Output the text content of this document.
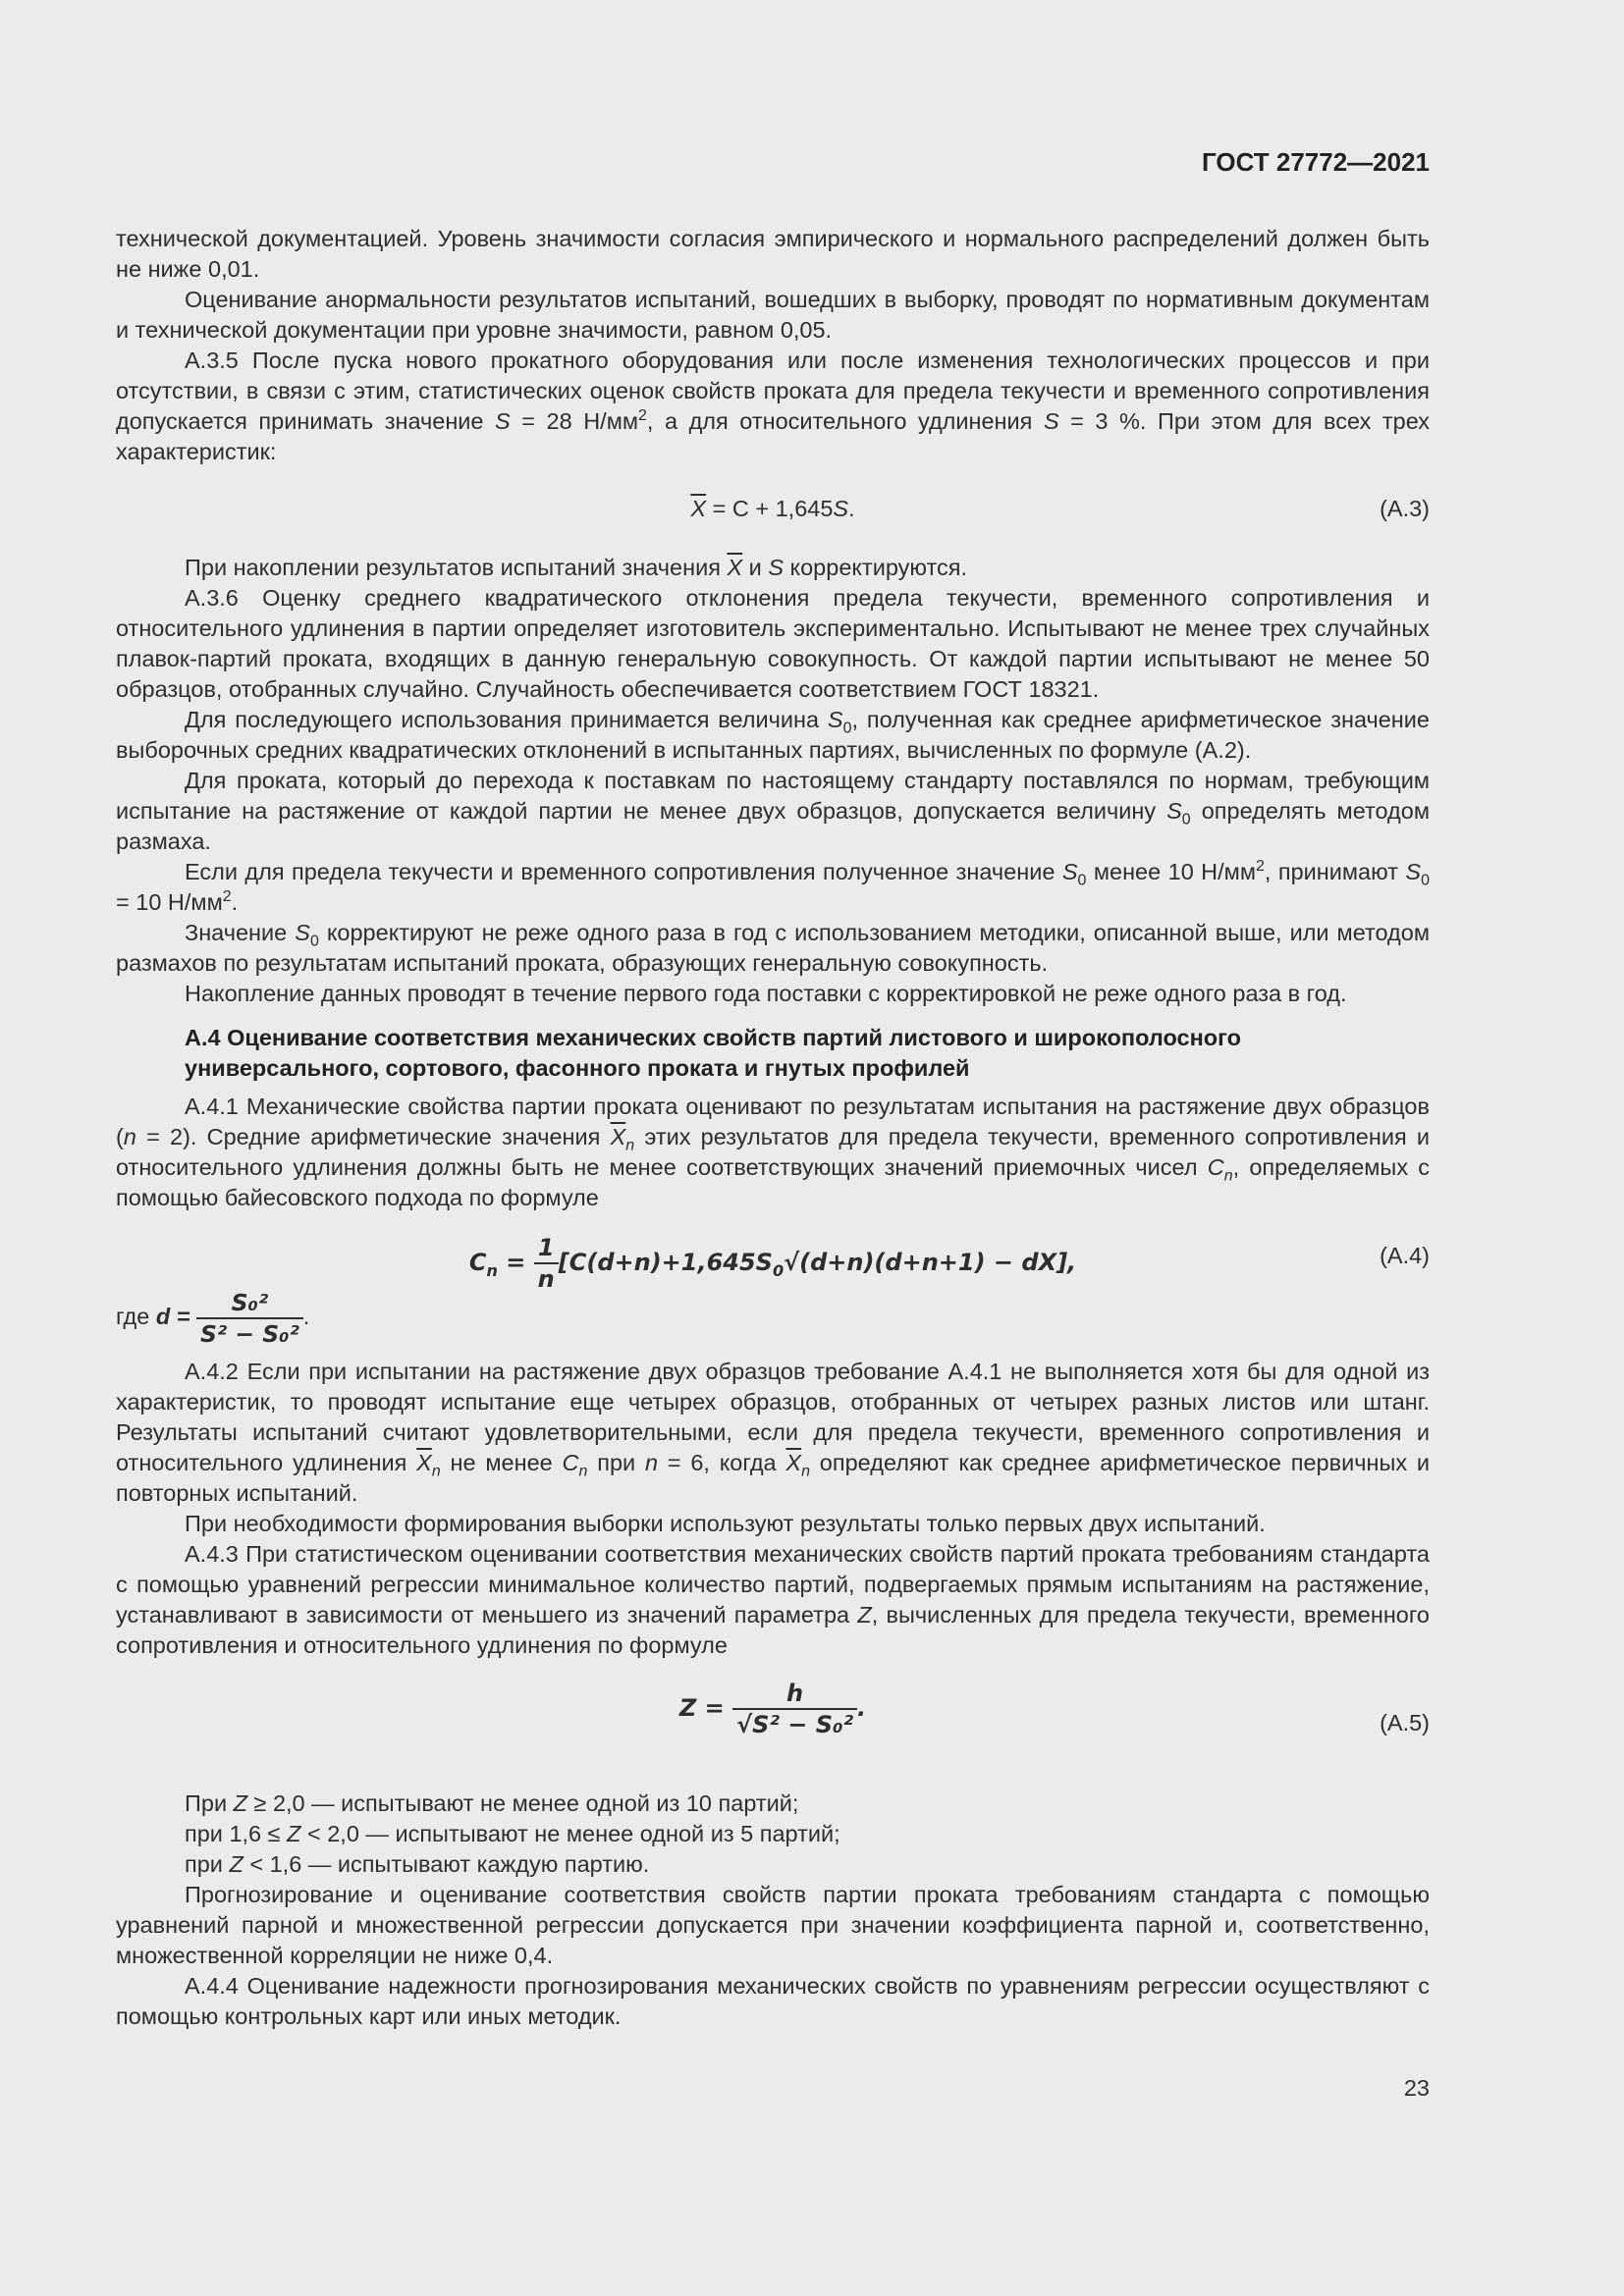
ГОСТ 27772—2021

технической документацией. Уровень значимости согласия эмпирического и нормального распределений должен быть не ниже 0,01.

Оценивание анормальности результатов испытаний, вошедших в выборку, проводят по нормативным документам и технической документации при уровне значимости, равном 0,05.

А.3.5 После пуска нового прокатного оборудования или после изменения технологических процессов и при отсутствии, в связи с этим, статистических оценок свойств проката для предела текучести и временного сопротивления допускается принимать значение S = 28 $Н/мм^2$, а для относительного удлинения S = 3 %. При этом для всех трех характеристик:

$\overline{X} = C + 1,645S$.	(А.3)

При накоплении результатов испытаний значения $\overline{X}$ и S корректируются.

А.3.6 Оценку среднего квадратического отклонения предела текучести, временного сопротивления и относительного удлинения в партии определяет изготовитель экспериментально. Испытывают не менее трех случайных плавок-партий проката, входящих в данную генеральную совокупность. От каждой партии испытывают не менее 50 образцов, отобранных случайно. Случайность обеспечивается соответствием ГОСТ 18321.

Для последующего использования принимается величина $S_0$, полученная как среднее арифметическое значение выборочных средних квадратических отклонений в испытанных партиях, вычисленных по формуле (А.2).

Для проката, который до перехода к поставкам по настоящему стандарту поставлялся по нормам, требующим испытание на растяжение от каждой партии не менее двух образцов, допускается величину $S_0$ определять методом размаха.

Если для предела текучести и временного сопротивления полученное значение $S_0$ менее 10 $Н/мм^2$, принимают $S_0 = 10$ $Н/мм^2$.

Значение $S_0$ корректируют не реже одного раза в год с использованием методики, описанной выше, или методом размахов по результатам испытаний проката, образующих генеральную совокупность.

Накопление данных проводят в течение первого года поставки с корректировкой не реже одного раза в год.

А.4 Оценивание соответствия механических свойств партий листового и широкополосного универсального, сортового, фасонного проката и гнутых профилей

А.4.1 Механические свойства партии проката оценивают по результатам испытания на растяжение двух образцов (n = 2). Средние арифметические значения $\overline{X}_n$ этих результатов для предела текучести, временного сопротивления и относительного удлинения должны быть не менее соответствующих значений приемочных чисел $C_n$, определяемых с помощью байесовского подхода по формуле

$C_n = \frac{1}{n} [C(d+n)+1,645S_0√(d+n)(d+n+1) - dX]$,	(А.4)
где $d = \frac{\text{S₀²}}{\text{S² − S₀²}}$ .

А.4.2 Если при испытании на растяжение двух образцов требование А.4.1 не выполняется хотя бы для одной из характеристик, то проводят испытание еще четырех образцов, отобранных от четырех разных листов или штанг. Результаты испытаний считают удовлетворительными, если для предела текучести, временного сопротивления и относительного удлинения $\overline{X}_n$ не менее $C_n$ при n = 6, когда $\overline{X}_n$ определяют как среднее арифметическое первичных и повторных испытаний.

При необходимости формирования выборки используют результаты только первых двух испытаний.

А.4.3 При статистическом оценивании соответствия механических свойств партий проката требованиям стандарта с помощью уравнений регрессии минимальное количество партий, подвергаемых прямым испытаниям на растяжение, устанавливают в зависимости от меньшего из значений параметра Z, вычисленных для предела текучести, временного сопротивления и относительного удлинения по формуле

$Z = \frac{h}{\text{√S² − S₀²}}$ .
(А.5)

При Z ≥ 2,0 — испытывают не менее одной из 10 партий;

при 1,6 ≤ Z < 2,0 — испытывают не менее одной из 5 партий;

при Z < 1,6 — испытывают каждую партию.

Прогнозирование и оценивание соответствия свойств партии проката требованиям стандарта с помощью уравнений парной и множественной регрессии допускается при значении коэффициента парной и, соответственно, множественной корреляции не ниже 0,4.

А.4.4 Оценивание надежности прогнозирования механических свойств по уравнениям регрессии осуществляют с помощью контрольных карт или иных методик.

23
